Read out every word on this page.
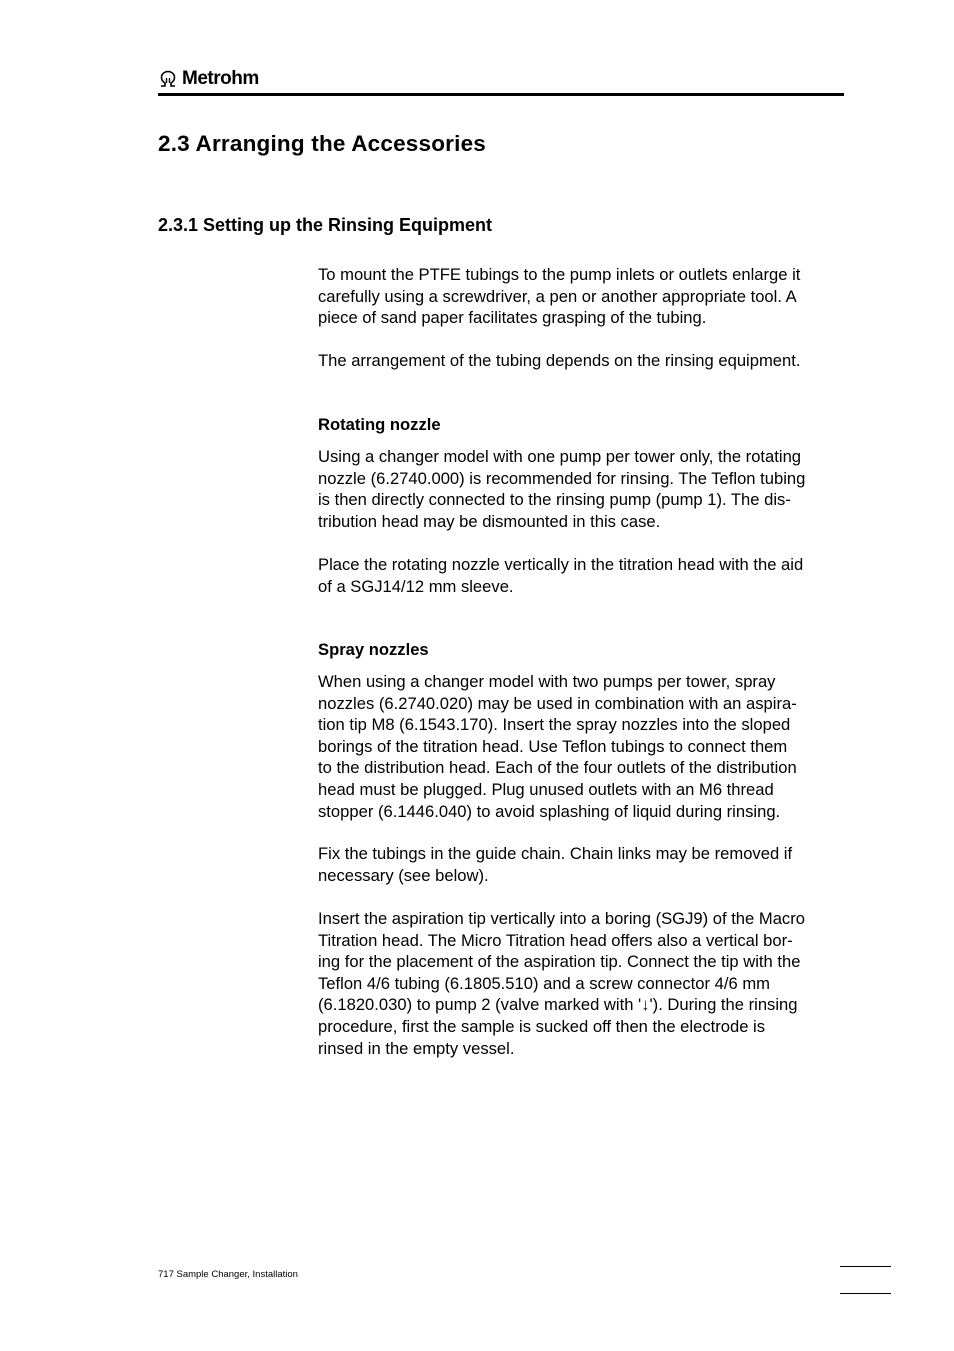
Metrohm
2.3 Arranging the Accessories
2.3.1 Setting up the Rinsing Equipment

To mount the PTFE tubings to the pump inlets or outlets enlarge it

carefully using a screwdriver, a pen or another appropriate tool. A

piece of sand paper facilitates grasping of the tubing.

The arrangement of the tubing depends on the rinsing equipment.

Rotating nozzle

Using a changer model with one pump per tower only, the rotating

nozzle (6.2740.000) is recommended for rinsing. The Teflon tubing

is then directly connected to the rinsing pump (pump 1). The dis-

tribution head may be dismounted in this case.

Place the rotating nozzle vertically in the titration head with the aid

of a SGJ14/12 mm sleeve.

Spray nozzles

When using a changer model with two pumps per tower, spray

nozzles (6.2740.020) may be used in combination with an aspira-

tion tip M8 (6.1543.170). Insert the spray nozzles into the sloped

borings of the titration head. Use Teflon tubings to connect them

to the distribution head. Each of the four outlets of the distribution

head must be plugged. Plug unused outlets with an M6 thread

stopper (6.1446.040) to avoid splashing of liquid during rinsing.

Fix the tubings in the guide chain. Chain links may be removed if

necessary (see below).

Insert the aspiration tip vertically into a boring (SGJ9) of the Macro

Titration head. The Micro Titration head offers also a vertical bor-

ing for the placement of the aspiration tip. Connect the tip with the

Teflon 4/6 tubing (6.1805.510) and a screw connector 4/6 mm

(6.1820.030) to pump 2 (valve marked with '↓'). During the rinsing

procedure, first the sample is sucked off then the electrode is

rinsed in the empty vessel.

717 Sample Changer, Installation
